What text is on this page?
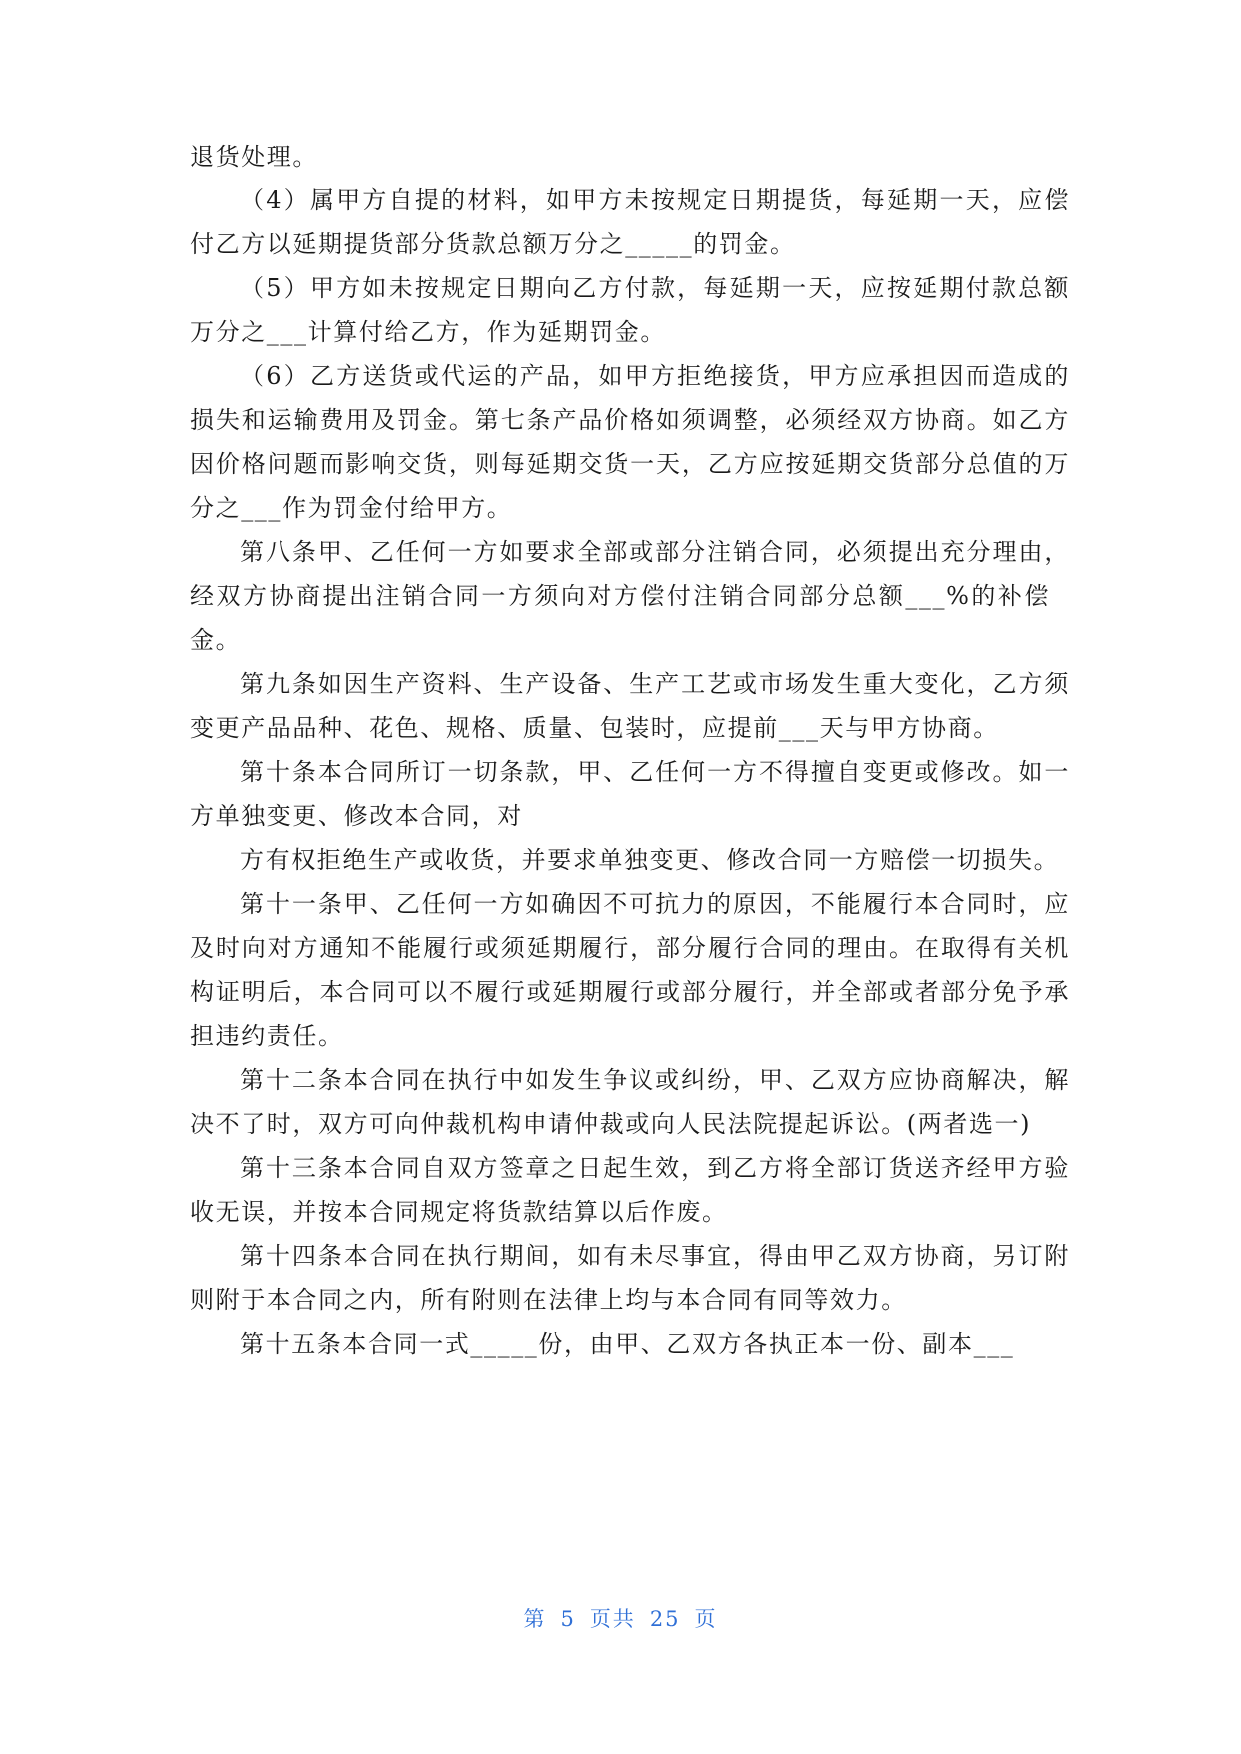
退货处理。
（4）属甲方自提的材料，如甲方未按规定日期提货，每延期一天，应偿
付乙方以延期提货部分货款总额万分之_____的罚金。
（5）甲方如未按规定日期向乙方付款，每延期一天，应按延期付款总额
万分之___计算付给乙方，作为延期罚金。
（6）乙方送货或代运的产品，如甲方拒绝接货，甲方应承担因而造成的
损失和运输费用及罚金。第七条产品价格如须调整，必须经双方协商。如乙方
因价格问题而影响交货，则每延期交货一天，乙方应按延期交货部分总值的万
分之___作为罚金付给甲方。
第八条甲、乙任何一方如要求全部或部分注销合同，必须提出充分理由，
经双方协商提出注销合同一方须向对方偿付注销合同部分总额___%的补偿
金。
第九条如因生产资料、生产设备、生产工艺或市场发生重大变化，乙方须
变更产品品种、花色、规格、质量、包装时，应提前___天与甲方协商。
第十条本合同所订一切条款，甲、乙任何一方不得擅自变更或修改。如一
方单独变更、修改本合同，对
方有权拒绝生产或收货，并要求单独变更、修改合同一方赔偿一切损失。
第十一条甲、乙任何一方如确因不可抗力的原因，不能履行本合同时，应
及时向对方通知不能履行或须延期履行，部分履行合同的理由。在取得有关机
构证明后，本合同可以不履行或延期履行或部分履行，并全部或者部分免予承
担违约责任。
第十二条本合同在执行中如发生争议或纠纷，甲、乙双方应协商解决，解
决不了时，双方可向仲裁机构申请仲裁或向人民法院提起诉讼。(两者选一)
第十三条本合同自双方签章之日起生效，到乙方将全部订货送齐经甲方验
收无误，并按本合同规定将货款结算以后作废。
第十四条本合同在执行期间，如有未尽事宜，得由甲乙双方协商，另订附
则附于本合同之内，所有附则在法律上均与本合同有同等效力。
第十五条本合同一式_____份，由甲、乙双方各执正本一份、副本___
第 5 页共 25 页
